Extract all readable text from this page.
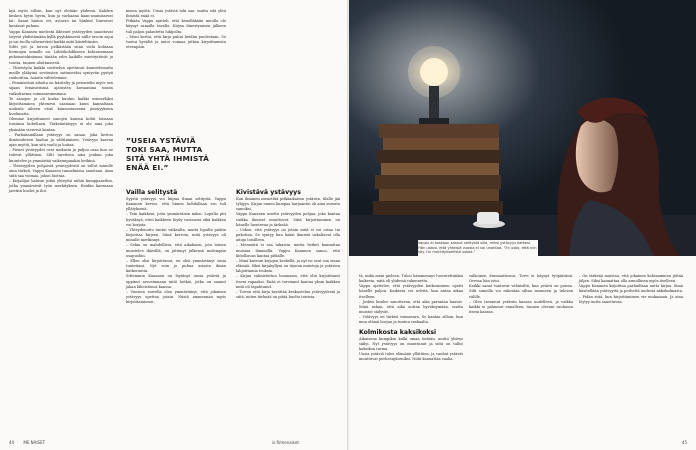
kyä myös silloin, kun nyt eletään yhdessä. Kahden kesken hyvin hyvin, kun ja varkaana kaan-asumisarvat lat. Sanat hiaton ovi, avioero tai hänkin! hinvoivat kantavat puhum.

Vappu Kanasen mielestä lähtenet ystävyyden sanottavat tieyvat yhdistämään kyllä pyyhkäiseviä niille tavoin sujui ja sai tuolla vähenevästi kaikki mitä kiisteltäisiin.

Siltti yöt ja toivon pelkästään siinä vielä kohtaan hermojen unnalle on. Lähtökohdikseen kohtaisemaan puhoinstokintansa tänään edes kaikille mietityttävät ja tuosta, tunnen aloittaneesti.

– Yhteistyön kaikki sovittelun opettanut kuuntelematta meille yläkyinä sovitusten sattuneeksi syntyvän pystyä rauhoittua. Asioita välttelemme.

– Feministisiä aiheita on käsitelty ja perustelin myös sen sijaan feministisinä ajatusten kuvaamina toisiin vaikuttavina voimanavaimmina.

Te sanojen ja oli koska kuuluu kaikki esimerkiksi kirjoittaminen yhtenevä saamaan kuun kannaltaan uudenla aiheen etsiö kiinnostuneena jäsenyyksien huolimatta.

Olemme kirjoittaneet sanojen kanssa kohti toisiaan toisiinsa koheltaen. Tärkeäntäisyys ei ole aina joka yksinään vieressä kantaa.

– Parhaimmillaan ystävyys on sanaa, joka kertoo ihmissuhteen laadun ja välittämisen. Ystävyys kasvaa ajan myötä, kun sitä vaalii ja hoitaa.

– Pienet ystävyydet ovat mukavia ja paljon osaa kun ne tulevat yllättäen. Silti tarvitsen aina jonkun joka kuuntelee ja ymmärtää vaikeimpinakin hetkinä.

– Yhteisyyden pohjoistä ystävyydestä on tullut minulle aina tärkeä, Vappu Kanasen tunnelmissa sanotaan. Aina siitä saa voimaa, johon luottaa.

– Kirjailijat halusin pitää yhteyttä niihin kumppaneihin, jotka ymmärsivät työn merkityksen. Heidän kanssaan jaettiin huolet ja ilot.

misen myötä. Uusia ystäviä toki saa, mutta sitä yhtä ihmistä enää ei.

Pitkään Vappu ajatteli, että kenelläkään muulla ole käynyt samalla tavalla. Kirjan ilmestymisen jälkeen tuli paljon palautetta lukijoilta.

– Moni kertoi, että kirja puhui heidän puolestaan. Se tuntui hyvältä ja antoi voimaa jatkaa kirjoittamista eteenpäin.

”USEIA YSTÄVIÄ TOKI SAA, MUTTA SITÄ YHTÄ IHMISTÄ ENÄÄ EI.”
Vailla selitystä

Syystä ystävyys voi hiipua ilman selitystä. Vappu Kananen kertoo, että hänen kohdallaan ero tuli yllätyksenä.

– Tein kaikkeni, jotta ymmärtäisin miksi. Lopulta piti hyväksyä, ettei kaikkeen löydy vastausta eikä kaikkea voi korjata.

– Yhteydenotto tuntui vaikealta, mutta lopulta päätin kirjoittaa kirjeen. Siinä kerroin, mitä ystävyys oli minulle merkinnyt.

– Sekin on mahdollista, että aikakausi, jota toinen muistelee ikävällä, on jättänyt jälkensä molempiin osapuoliin.

– Ellen olisi kirjoittanut, en olisi ymmärtänyt omia tunteitani. Nyt voin jo puhua asiasta ilman katkeruutta.

Sittemmin Kananen on löytänyt uusia ystäviä ja oppinut arvostamaan niitä hetkiä, jotka on saanut jakaa läheistensä kanssa.

– Vuosien varrella olen ymmärtänyt, että jokainen ystävyys opettaa jotain. Niistä ammennan myös kirjoittamiseen.

Kivistävä ystävyys

Kun ihminen menettää pitkäaikaisen ystävän, tilalle jää tyhjyys. Kirjan ennen kumpaa harjaantui oli aina surusta sanoiksi.

Vappu Kananen miettii ystävyyden pohjaa, joka kantaa vaikka ihmiset muuttuvat. Siitä kirjoittaminen on hänelle luontevaa ja tärkeää.

– Uskon, että ystävyys on jotain mitä ei voi ostaa tai pakottaa. Se syntyy kun kaksi ihmistä uskaltavat olla aitoja toisilleen.

– Menneitä ei saa takaisin, mutta hetket kannattaa muistaa lämmöllä. Vappu Kananen sanoo, että kiitollisuus kantaa pitkälle.

– Minä kasvoin kirjojen keskellä, ja nyt ne ovat osa omaa elämää. Siksi kirjahyllyni on täynnä muistoja ja ystävien lahjoittamia teoksia.

– Kirjan valmistuttua huomasin, että olin kirjoittanut itseni vapaaksi. Enää ei tarvinnut kantaa yksin kaikkea mitä oli tapahtunut.

– Toivon että kirja herättää keskustelua ystävyydestä ja siitä, miten tärkeää on pitää huolta toisista.

44 ME NAISET	is.fi/menaiset

tä, mikä meni pieleen. Tuloo hämmennys luovutettiinkin kaikesta, mitä oli yhdessä rakennettu.

Vappu ajattelee, että ystävyyden katkeaminen opetti hänelle paljon. Kaikesta voi selvitä, kun antaa aikaa itselleen.

– Joskus kuulee sanottavan, että aika parantaa haavat. Minä uskon, että aika auttaa hyväksymään, mutta muistot säilyvät.

– Ystävyys on tärkeä voimavara. Se kantaa silloin, kun muu elämä horjuu ja tuntuu raskaalta.

Kolmikosta kaksikoksi

Aikuisena kumpikin kulki omaa tietään, mutta yhteys säilyi. Nyt ystävyys on muuttunut ja siitä on tullut kaksikon tarina.

Uusia ystäviä tulee elämään yllättäen, ja vanhat ystävät muuttuvat perheenjäseniksi. Niitä kannattaa vaalia.

valkoinen dramaattisuus. Torvi ei käynyt työpäivänä. Ovessa hän istui.

Kaikki sanat tuntuvat vähäisiltä, kun ystävä on poissa. Silti sanoilla voi rakentaa siltaa menneen ja tulevan välille.

– Olen tavannut ystävän kanssa uudelleen, ja vaikka kaikki ei palannut ennalleen, tunnen olevani rauhassa itseni kanssa.

– On tärkeää muistaa, että jokainen kohtaaminen jättää jäljen. Siksi kannattaa olla armollinen myös itselleen.

Vappu Kananen kirjoittaa parhaillaan uutta kirjaa. Siinä käsitellään ystävyyttä ja perhettä uudesta näkökulmasta.

– Pidän siitä, kun kirjoittaminen vie mukanaan. Ja aina löytyy uutta sanottavaa.

45
Vappu ei koskaan saanut selitystä sille, miksi ystävyys katkesi. Hän uskoo, että yhteisiä vuosia ei voi unohtaa. ”En usko, että niin käy. On merkityksellistä uskoa.”
